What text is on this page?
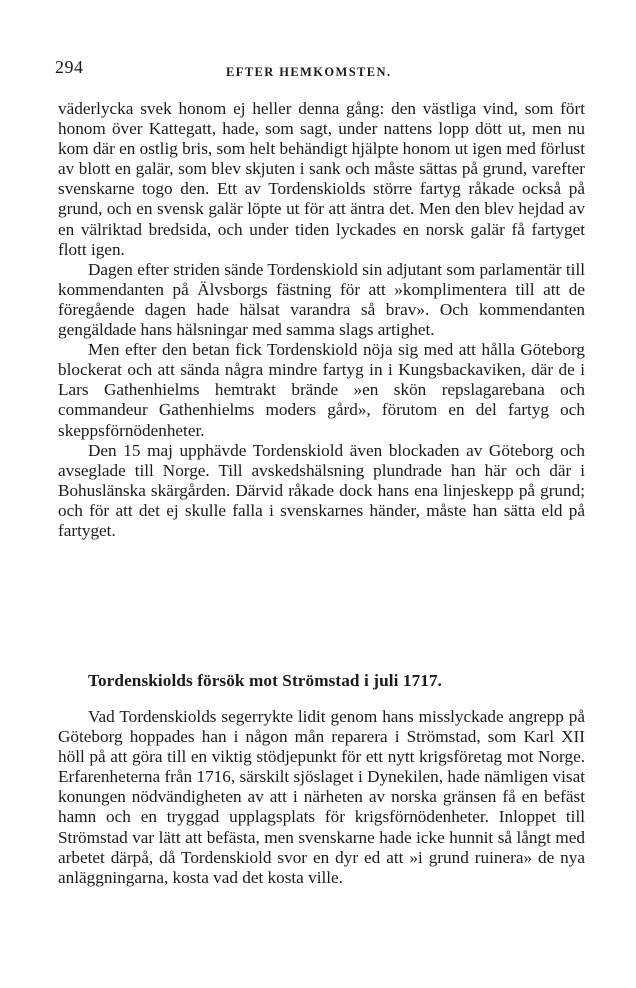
294	EFTER HEMKOMSTEN.

väderlycka svek honom ej heller denna gång: den västliga vind, som fört honom över Kattegatt, hade, som sagt, under nattens lopp dött ut, men nu kom där en ostlig bris, som helt behändigt hjälpte honom ut igen med förlust av blott en galär, som blev skjuten i sank och måste sättas på grund, varefter svenskarne togo den. Ett av Tordenskiolds större fartyg råkade också på grund, och en svensk galär löpte ut för att äntra det. Men den blev hejdad av en välriktad bredsida, och under tiden lyckades en norsk galär få fartyget flott igen.

Dagen efter striden sände Tordenskiold sin adjutant som parlamentär till kommendanten på Älvsborgs fästning för att »komplimentera till att de föregående dagen hade hälsat varandra så brav». Och kommendanten gengäldade hans hälsningar med samma slags artighet.

Men efter den betan fick Tordenskiold nöja sig med att hålla Göteborg blockerat och att sända några mindre fartyg in i Kungsbackaviken, där de i Lars Gathenhielms hemtrakt brände »en skön repslagarebana och commandeur Gathenhielms moders gård», förutom en del fartyg och skeppsförnödenheter.

Den 15 maj upphävde Tordenskiold även blockaden av Göteborg och avseglade till Norge. Till avskedshälsning plundrade han här och där i Bohuslänska skärgården. Därvid råkade dock hans ena linjeskepp på grund; och för att det ej skulle falla i svenskarnes händer, måste han sätta eld på fartyget.

Tordenskiolds försök mot Strömstad i juli 1717.

Vad Tordenskiolds segerrykte lidit genom hans misslyckade angrepp på Göteborg hoppades han i någon mån reparera i Strömstad, som Karl XII höll på att göra till en viktig stödjepunkt för ett nytt krigsföretag mot Norge. Erfarenheterna från 1716, särskilt sjöslaget i Dynekilen, hade nämligen visat konungen nödvändigheten av att i närheten av norska gränsen få en befäst hamn och en tryggad upplagsplats för krigsförnödenheter. Inloppet till Strömstad var lätt att befästa, men svenskarne hade icke hunnit så långt med arbetet därpå, då Tordenskiold svor en dyr ed att »i grund ruinera» de nya anläggningarna, kosta vad det kosta ville.
